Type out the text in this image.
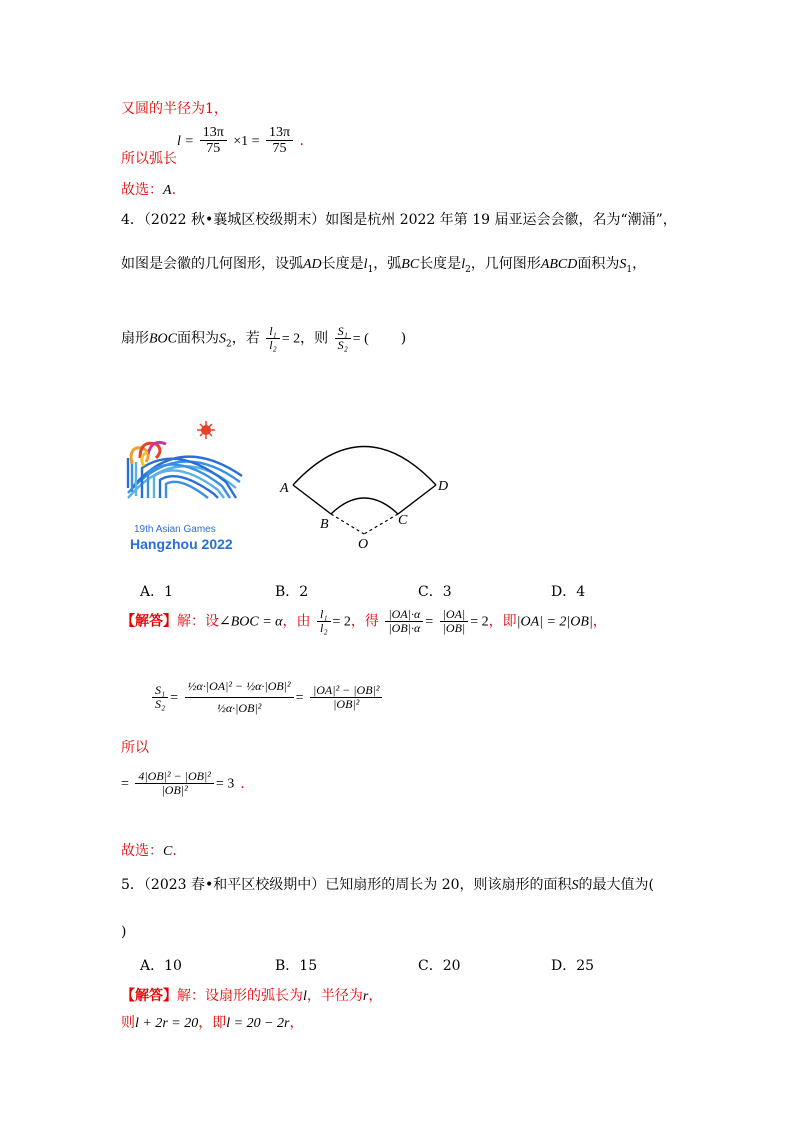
又圆的半径为1，
$l = \frac{13\pi}{75} \times 1 = \frac{13\pi}{75}$ .
所以弧长
故选：A.
4．（2022 秋•襄城区校级期末）如图是杭州 2022 年第 19 届亚运会会徽，名为“潮涌”，
如图是会徽的几何图形，设弧AD长度是$l_1$，弧BC长度是$l_2$，几何图形ABCD面积为$S_1$，
扇形BOC面积为$S_2$，若 $\frac{\text{l₁}}{\text{l₂}} = 2$，则 $\frac{\text{S₁}}{\text{S₂}}$ = ( )
19th Asian Games
Hangzhou 2022
A
B	C
D
O
A．1	B．2	C．3	D．4
【解答】解：设∠BOC = α，由 $\frac{\text{l₁}}{\text{l₂}} = 2$，得 $\frac{|OA|\cdot\alpha}{|OB|\cdot\alpha} = \frac{|OA|}{|OB|} = 2$，即|OA| = 2|OB|，
$\frac{\text{S₁}}{\text{S₂}} = \frac{\text{½α·|OA|² − ½α·|OB|²}}{\text{½α·|OB|²}} = \frac{\text{|OA|² − |OB|²}}{\text{|OB|²}}$
所以
= $\frac{\text{4|OB|² − |OB|²}}{\text{|OB|²}} = 3$ .
故选：C.
5．（2023 春•和平区校级期中）已知扇形的周长为 20，则该扇形的面积S的最大值为(
)
A．10	B．15	C．20	D．25
【解答】解：设扇形的弧长为l，半径为r，
则l + 2r = 20，即l = 20 − 2r，
